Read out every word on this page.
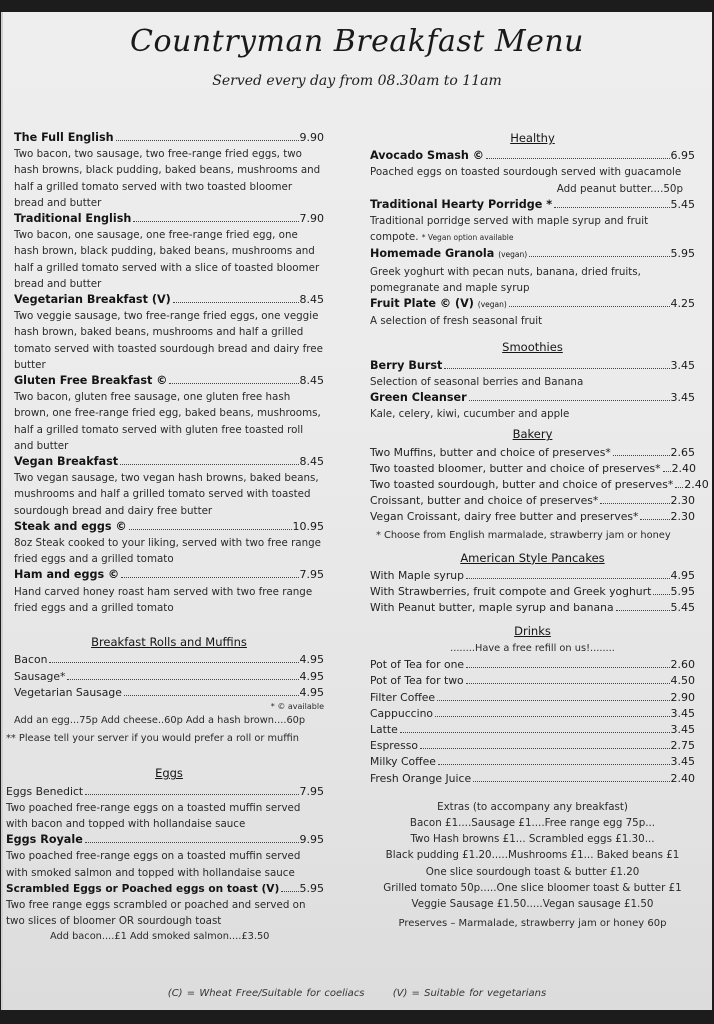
Countryman Breakfast Menu
Served every day from 08.30am to 11am
The Full English	9.90
Two bacon, two sausage, two free-range fried eggs, two hash browns, black pudding, baked beans, mushrooms and half a grilled tomato served with two toasted bloomer bread and butter
Traditional English	7.90
Two bacon, one sausage, one free-range fried egg, one hash brown, black pudding, baked beans, mushrooms and half a grilled tomato served with a slice of toasted bloomer bread and butter
Vegetarian Breakfast (V)	8.45
Two veggie sausage, two free-range fried eggs, one veggie hash brown, baked beans, mushrooms and half a grilled tomato served with toasted sourdough bread and dairy free butter
Gluten Free Breakfast ©	8.45
Two bacon, gluten free sausage, one gluten free hash brown, one free-range fried egg, baked beans, mushrooms, half a grilled tomato served with gluten free toasted roll and butter
Vegan Breakfast	8.45
Two vegan sausage, two vegan hash browns, baked beans, mushrooms and half a grilled tomato served with toasted sourdough bread and dairy free butter
Steak and eggs ©	10.95
8oz Steak cooked to your liking, served with two free range fried eggs and a grilled tomato
Ham and eggs ©	7.95
Hand carved honey roast ham served with two free range fried eggs and a grilled tomato
Breakfast Rolls and Muffins
Bacon	4.95
Sausage*	4.95
Vegetarian Sausage	4.95
* © available
Add an egg...75p Add cheese..60p Add a hash brown....60p
** Please tell your server if you would prefer a roll or muffin
Eggs
Eggs Benedict	7.95
Two poached free-range eggs on a toasted muffin served with bacon and topped with hollandaise sauce
Eggs Royale	9.95
Two poached free-range eggs on a toasted muffin served with smoked salmon and topped with hollandaise sauce
Scrambled Eggs or Poached eggs on toast (V) 5.95
Two free range eggs scrambled or poached and served on two slices of bloomer OR sourdough toast
Add bacon....£1 Add smoked salmon....£3.50
Healthy
Avocado Smash ©	6.95
Poached eggs on toasted sourdough served with guacamole
Add peanut butter....50p
Traditional Hearty Porridge *	5.45
Traditional porridge served with maple syrup and fruit compote. * Vegan option available
Homemade Granola (vegan)	5.95
Greek yoghurt with pecan nuts, banana, dried fruits, pomegranate and maple syrup
Fruit Plate © (V) (vegan)	4.25
A selection of fresh seasonal fruit
Smoothies
Berry Burst	3.45
Selection of seasonal berries and Banana
Green Cleanser	3.45
Kale, celery, kiwi, cucumber and apple
Bakery
Two Muffins, butter and choice of preserves*	2.65
Two toasted bloomer, butter and choice of preserves* 2.40
Two toasted sourdough, butter and choice of preserves* 2.40
Croissant, butter and choice of preserves*	2.30
Vegan Croissant, dairy free butter and preserves*	2.30
* Choose from English marmalade, strawberry jam or honey
American Style Pancakes
With Maple syrup	4.95
With Strawberries, fruit compote and Greek yoghurt 5.95
With Peanut butter, maple syrup and banana	5.45
Drinks
........Have a free refill on us!........
Pot of Tea for one	2.60
Pot of Tea for two	4.50
Filter Coffee	2.90
Cappuccino	3.45
Latte	3.45
Espresso	2.75
Milky Coffee	3.45
Fresh Orange Juice	2.40
Extras (to accompany any breakfast)
Bacon £1....Sausage £1....Free range egg 75p...
Two Hash browns £1... Scrambled eggs £1.30...
Black pudding £1.20.....Mushrooms £1... Baked beans £1
One slice sourdough toast & butter £1.20
Grilled tomato 50p.....One slice bloomer toast & butter £1
Veggie Sausage £1.50.....Vegan sausage £1.50
Preserves – Marmalade, strawberry jam or honey 60p
(C) = Wheat Free/Suitable for coeliacs	(V) = Suitable for vegetarians
